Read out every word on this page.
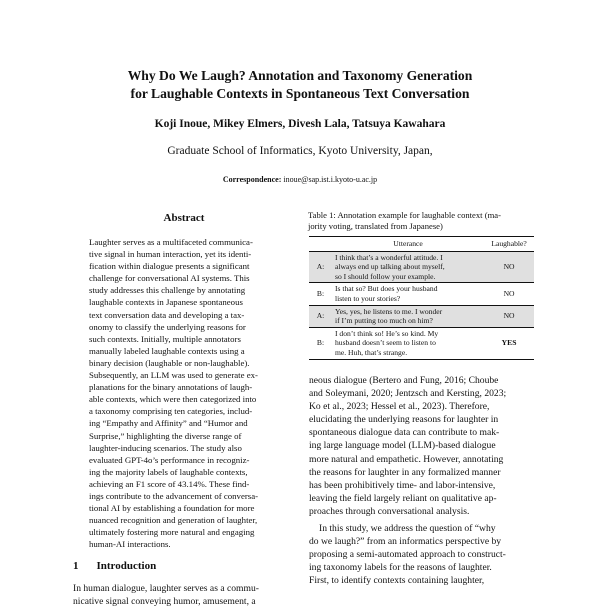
Why Do We Laugh? Annotation and Taxonomy Generation
for Laughable Contexts in Spontaneous Text Conversation
Koji Inoue, Mikey Elmers, Divesh Lala, Tatsuya Kawahara
Graduate School of Informatics, Kyoto University, Japan,
Correspondence: inoue@sap.ist.i.kyoto-u.ac.jp
Abstract
Laughter serves as a multifaceted communica-
tive signal in human interaction, yet its identi-
fication within dialogue presents a significant
challenge for conversational AI systems. This
study addresses this challenge by annotating
laughable contexts in Japanese spontaneous
text conversation data and developing a tax-
onomy to classify the underlying reasons for
such contexts. Initially, multiple annotators
manually labeled laughable contexts using a
binary decision (laughable or non-laughable).
Subsequently, an LLM was used to generate ex-
planations for the binary annotations of laugh-
able contexts, which were then categorized into
a taxonomy comprising ten categories, includ-
ing “Empathy and Affinity” and “Humor and
Surprise,” highlighting the diverse range of
laughter-inducing scenarios. The study also
evaluated GPT-4o’s performance in recogniz-
ing the majority labels of laughable contexts,
achieving an F1 score of 43.14%. These find-
ings contribute to the advancement of conversa-
tional AI by establishing a foundation for more
nuanced recognition and generation of laughter,
ultimately fostering more natural and engaging
human-AI interactions.
1 Introduction
In human dialogue, laughter serves as a commu-
nicative signal conveying humor, amusement, a
Table 1: Annotation example for laughable context (ma-
jority voting, translated from Japanese)
	Utterance	Laughable?
A:	I think that’s a wonderful attitude. I
always end up talking about myself,
so I should follow your example.	NO
B:	Is that so? But does your husband
listen to your stories?	NO
A:	Yes, yes, he listens to me. I wonder
if I’m putting too much on him?	NO
B:	I don’t think so! He’s so kind. My
husband doesn’t seem to listen to
me. Huh, that’s strange.	YES
neous dialogue (Bertero and Fung, 2016; Choube
and Soleymani, 2020; Jentzsch and Kersting, 2023;
Ko et al., 2023; Hessel et al., 2023). Therefore,
elucidating the underlying reasons for laughter in
spontaneous dialogue data can contribute to mak-
ing large language model (LLM)-based dialogue
more natural and empathetic. However, annotating
the reasons for laughter in any formalized manner
has been prohibitively time- and labor-intensive,
leaving the field largely reliant on qualitative ap-
proaches through conversational analysis.
In this study, we address the question of “why
do we laugh?” from an informatics perspective by
proposing a semi-automated approach to construct-
ing taxonomy labels for the reasons of laughter.
First, to identify contexts containing laughter,
